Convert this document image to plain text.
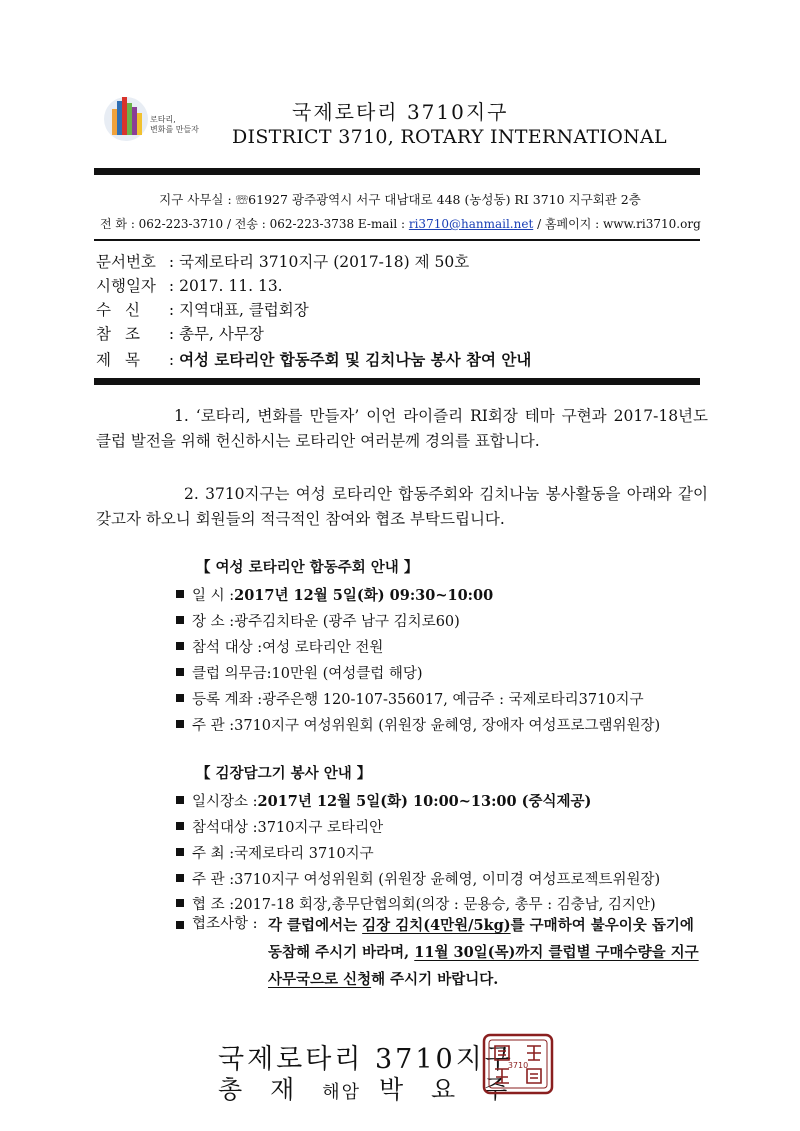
로타리,
변화를 만들자
국제로타리 3710지구
DISTRICT 3710, ROTARY INTERNATIONAL
지구 사무실 : ☏61927 광주광역시 서구 대남대로 448 (농성동) RI 3710 지구회관 2층
전 화 : 062-223-3710 / 전송 : 062-223-3738 E-mail : ri3710@hanmail.net / 홈페이지 : www.ri3710.org
문서번호 : 국제로타리 3710지구 (2017-18) 제 50호
시행일자 : 2017. 11. 13.
수신 : 지역대표, 클럽회장
참조 : 총무, 사무장
제목 : 여성 로타리안 합동주회 및 김치나눔 봉사 참여 안내
1. ‘로타리, 변화를 만들자’ 이언 라이즐리 RI회장 테마 구현과 2017-18년도 클럽 발전을 위해 헌신하시는 로타리안 여러분께 경의를 표합니다.
2. 3710지구는 여성 로타리안 합동주회와 김치나눔 봉사활동을 아래와 같이 갖고자 하오니 회원들의 적극적인 참여와 협조 부탁드립니다.
【 여성 로타리안 합동주회 안내 】
일 시 :2017년 12월 5일(화) 09:30~10:00
장 소 :광주김치타운 (광주 남구 김치로60)
참석 대상 :여성 로타리안 전원
클럽 의무금:10만원 (여성클럽 해당)
등록 계좌 :광주은행 120-107-356017, 예금주 : 국제로타리3710지구
주 관 :3710지구 여성위원회 (위원장 윤혜영, 장애자 여성프로그램위원장)
【 김장담그기 봉사 안내 】
일시장소 :2017년 12월 5일(화) 10:00~13:00 (중식제공)
참석대상 :3710지구 로타리안
주 최 :국제로타리 3710지구
주 관 :3710지구 여성위원회 (위원장 윤혜영, 이미경 여성프로젝트위원장)
협 조 :2017-18 회장,총무단협의회(의장 : 문용승, 총무 : 김충남, 김지안)
협조사항 :각 클럽에서는 김장 김치(4만원/5kg)를 구매하여 불우이웃 돕기에 동참해 주시기 바라며, 11월 30일(목)까지 클럽별 구매수량을 지구 사무국으로 신청해 주시기 바랍니다.
국제로타리 3710지구
총 재 해암 박 요 주
3710
